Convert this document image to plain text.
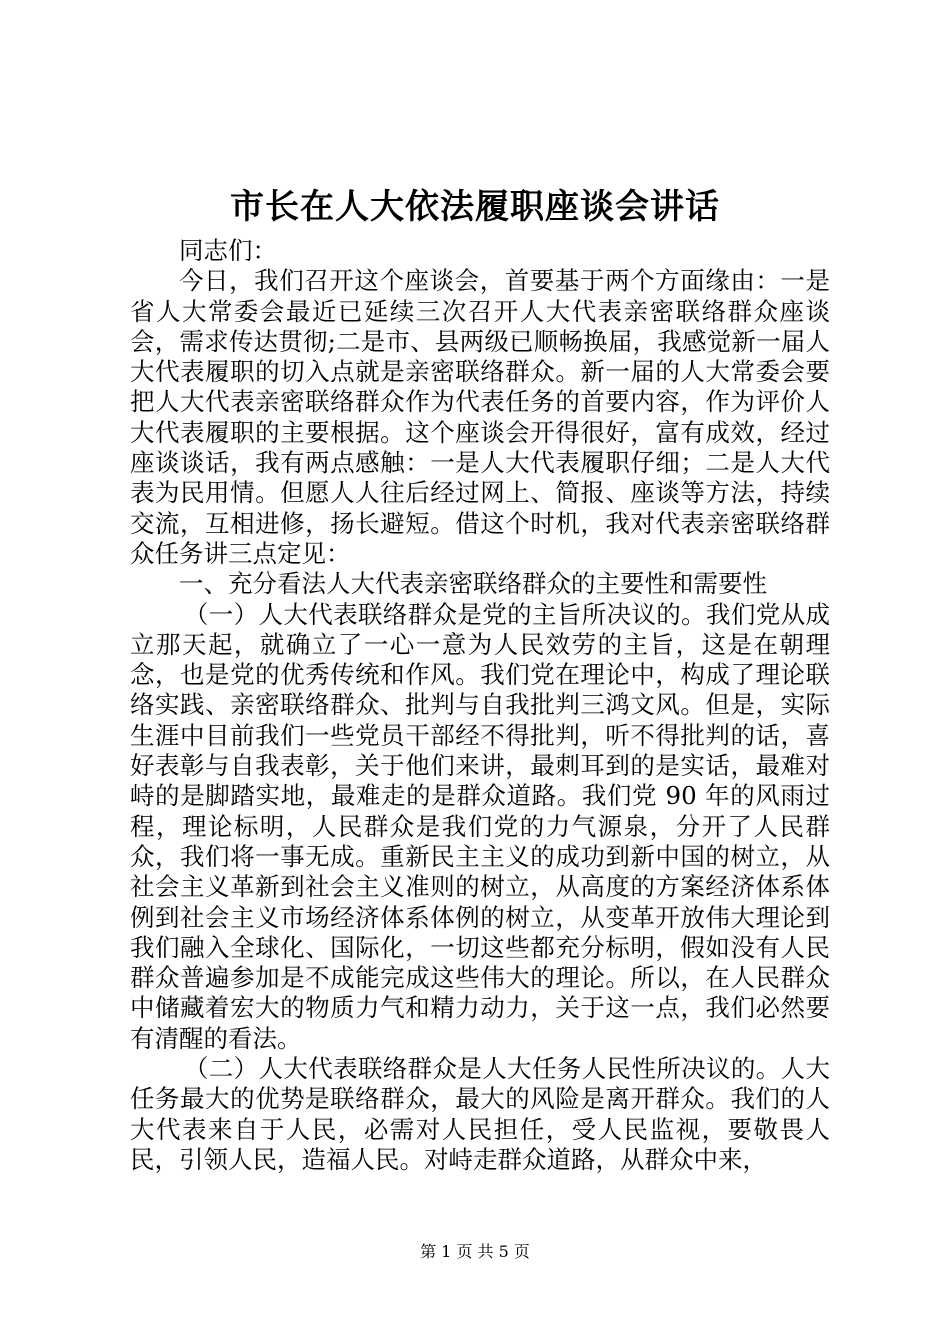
市长在人大依法履职座谈会讲话

同志们：

今日，我们召开这个座谈会，首要基于两个方面缘由：一是省人大常委会最近已延续三次召开人大代表亲密联络群众座谈会，需求传达贯彻;二是市、县两级已顺畅换届，我感觉新一届人大代表履职的切入点就是亲密联络群众。新一届的人大常委会要把人大代表亲密联络群众作为代表任务的首要内容，作为评价人大代表履职的主要根据。这个座谈会开得很好，富有成效，经过座谈谈话，我有两点感触：一是人大代表履职仔细；二是人大代表为民用情。但愿人人往后经过网上、简报、座谈等方法，持续交流，互相进修，扬长避短。借这个时机，我对代表亲密联络群众任务讲三点定见：

一、充分看法人大代表亲密联络群众的主要性和需要性

（一）人大代表联络群众是党的主旨所决议的。我们党从成立那天起，就确立了一心一意为人民效劳的主旨，这是在朝理念，也是党的优秀传统和作风。我们党在理论中，构成了理论联络实践、亲密联络群众、批判与自我批判三鸿文风。但是，实际生涯中目前我们一些党员干部经不得批判，听不得批判的话，喜好表彰与自我表彰，关于他们来讲，最刺耳到的是实话，最难对峙的是脚踏实地，最难走的是群众道路。我们党 90 年的风雨过程，理论标明，人民群众是我们党的力气源泉，分开了人民群众，我们将一事无成。重新民主主义的成功到新中国的树立，从社会主义革新到社会主义准则的树立，从高度的方案经济体系体例到社会主义市场经济体系体例的树立，从变革开放伟大理论到我们融入全球化、国际化，一切这些都充分标明，假如没有人民群众普遍参加是不成能完成这些伟大的理论。所以，在人民群众中储藏着宏大的物质力气和精力动力，关于这一点，我们必然要有清醒的看法。

（二）人大代表联络群众是人大任务人民性所决议的。人大任务最大的优势是联络群众，最大的风险是离开群众。我们的人大代表来自于人民，必需对人民担任，受人民监视，要敬畏人民，引领人民，造福人民。对峙走群众道路，从群众中来，

第 1 页 共 5 页
